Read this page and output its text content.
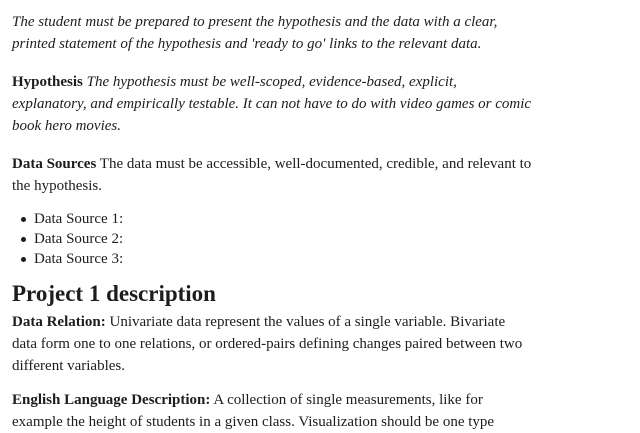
The student must be prepared to present the hypothesis and the data with a clear, printed statement of the hypothesis and 'ready to go' links to the relevant data.

Hypothesis The hypothesis must be well-scoped, evidence-based, explicit, explanatory, and empirically testable. It can not have to do with video games or comic book hero movies.

Data Sources The data must be accessible, well-documented, credible, and relevant to the hypothesis.

Data Source 1:
Data Source 2:
Data Source 3:
Project 1 description

Data Relation: Univariate data represent the values of a single variable. Bivariate data form one to one relations, or ordered-pairs defining changes paired between two different variables.

English Language Description: A collection of single measurements, like for example the height of students in a given class. Visualization should be one type
